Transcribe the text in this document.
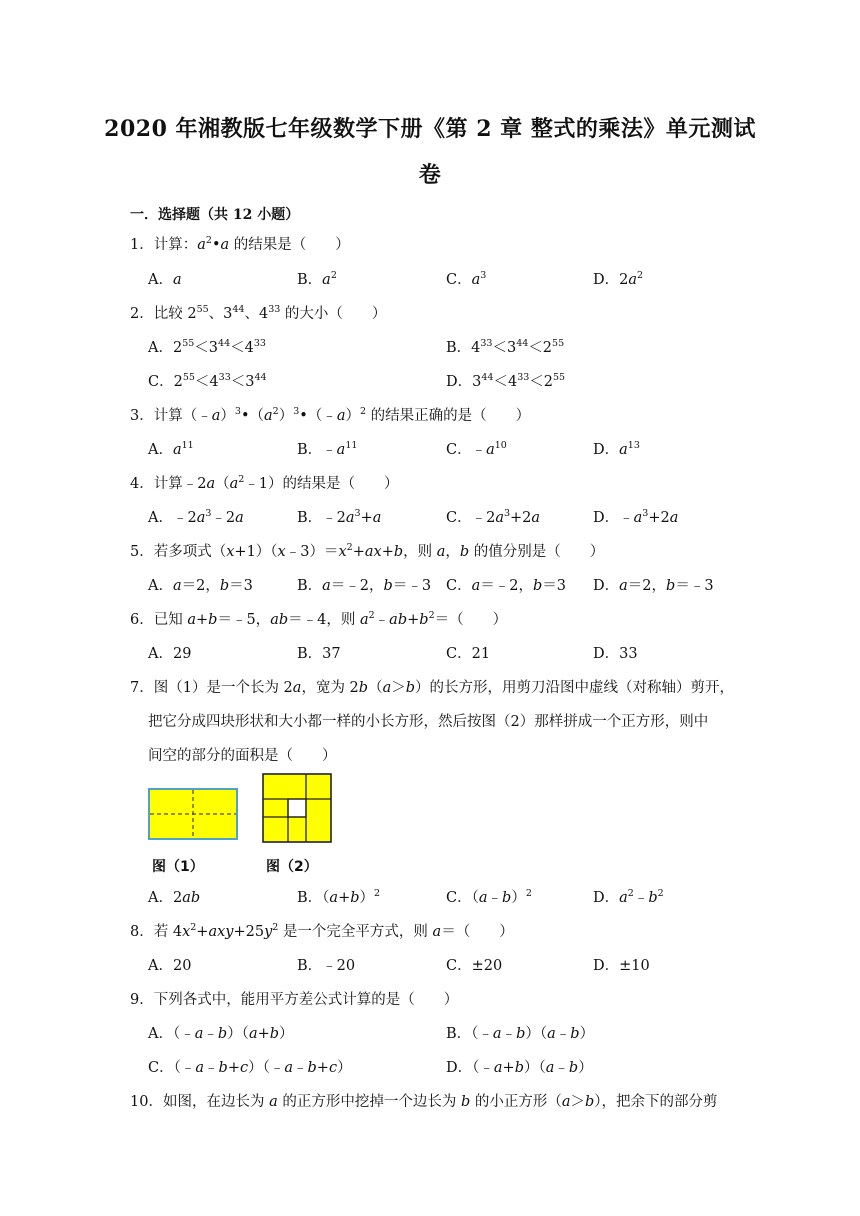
2020 年湘教版七年级数学下册《第 2 章 整式的乘法》单元测试
卷
一．选择题（共 12 小题）
1．计算：$a^2•a$ 的结果是（　　）
A．a	B．$a^2$	C．$a^3$	D．$2a^2$
2．比较 $2^{55}$、$3^{44}$、$4^{33}$ 的大小（　　）
A．$2^{55}<3^{44}<4^{33}$	B．$4^{33}<3^{44}<2^{55}$
C．$2^{55}<4^{33}<3^{44}$	D．$3^{44}<4^{33}<2^{55}$
3．计算$(﹣a)^3•(a^2)^3•(﹣a)^2$ 的结果正确的是（　　）
A．$a^{11}$	B．$﹣a^{11}$	C．$﹣a^{10}$	D．$a^{13}$
4．计算$﹣2a(a^2﹣1)$的结果是（　　）
A．$﹣2a^3﹣2a$	B．$﹣2a^3+a$	C．$﹣2a^3+2a$	D．$﹣a^3+2a$
5．若多项式$(x+1)(x﹣3)=x^2+ax+b$，则 a，b 的值分别是（　　）
A．a＝2，b＝3	B．a＝﹣2，b＝﹣3 C．a＝﹣2，b＝3 D．a＝2，b＝﹣3
6．已知 a+b＝﹣5，ab＝﹣4，则 $a^2﹣ab+b^2=$（　　）
A．29	B．37	C．21	D．33
7．图（1）是一个长为 2a，宽为 2b（a＞b）的长方形，用剪刀沿图中虚线（对称轴）剪开，
把它分成四块形状和大小都一样的小长方形，然后按图（2）那样拼成一个正方形，则中
间空的部分的面积是（　　）
图（1）	图（2）
A．2ab	B．$(a+b)^2$	C．（a﹣b）$^2$	D．$a^2﹣b^2$
8．若 $4x^2+axy+25y^2$ 是一个完全平方式，则 a＝（　　）
A．20	B．﹣20	C．±20	D．±10
9．下列各式中，能用平方差公式计算的是（　　）
A．（﹣a﹣b）（a+b）	B．（﹣a﹣b）（a﹣b）
C．（﹣a﹣b+c）（﹣a﹣b+c）	D．（﹣a+b）（a﹣b）
10．如图，在边长为 a 的正方形中挖掉一个边长为 b 的小正方形（a＞b），把余下的部分剪
